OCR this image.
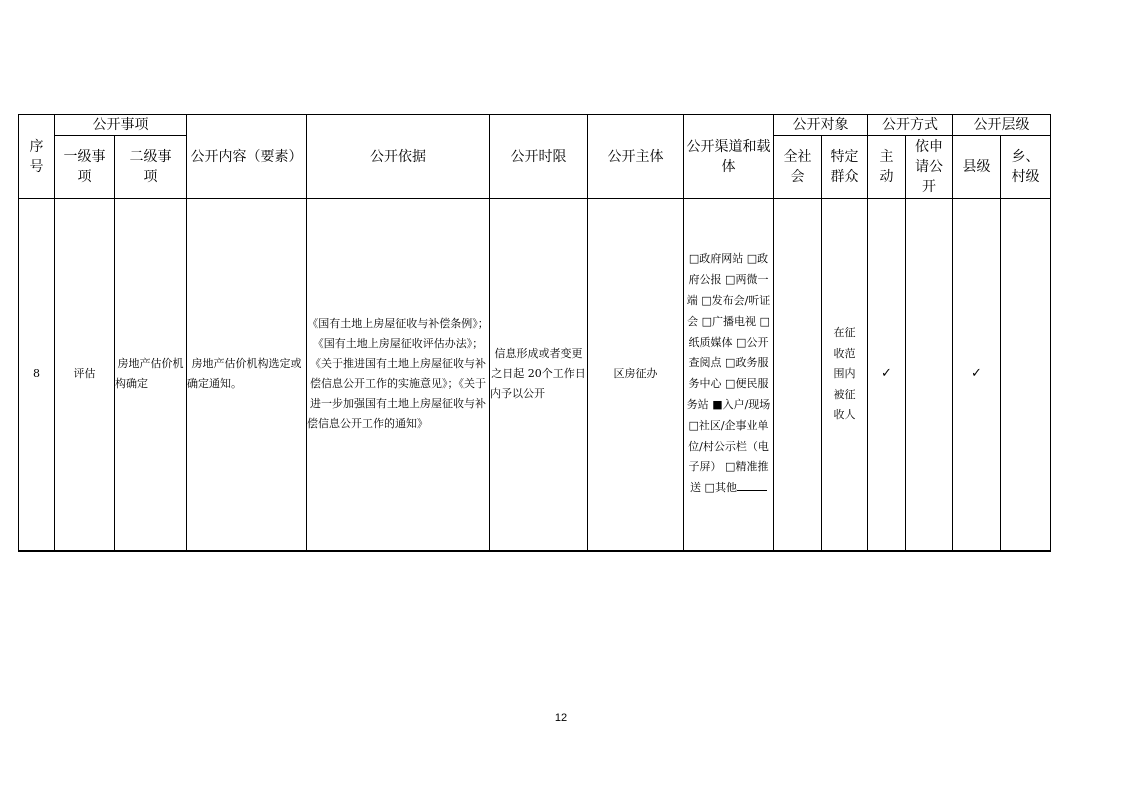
序号	公开事项		公开内容（要素）	公开依据	公开时限	公开主体	公开渠道和载体	公开对象		公开方式		公开层级	
	一级事项	二级事项						全社会	特定群众	主动	依申请公开	县级	乡、村级
8	评估	房地产估价机构确定	房地产估价机构选定或确定通知。	《国有土地上房屋征收与补偿条例》；《国有土地上房屋征收评估办法》；《关于推进国有土地上房屋征收与补偿信息公开工作的实施意见》；《关于进一步加强国有土地上房屋征收与补偿信息公开工作的通知》	信息形成或者变更之日起 20个工作日内予以公开	区房征办	□政府网站 □政府公报 □两微一端 □发布会/听证会 □广播电视 □纸质媒体 □公开查阅点 □政务服务中心 □便民服务站 ■入户/现场 □社区/企事业单位/村公示栏（电子屏） □精准推送 □其他		在征收范围内被征收人	✓		✓	
12
